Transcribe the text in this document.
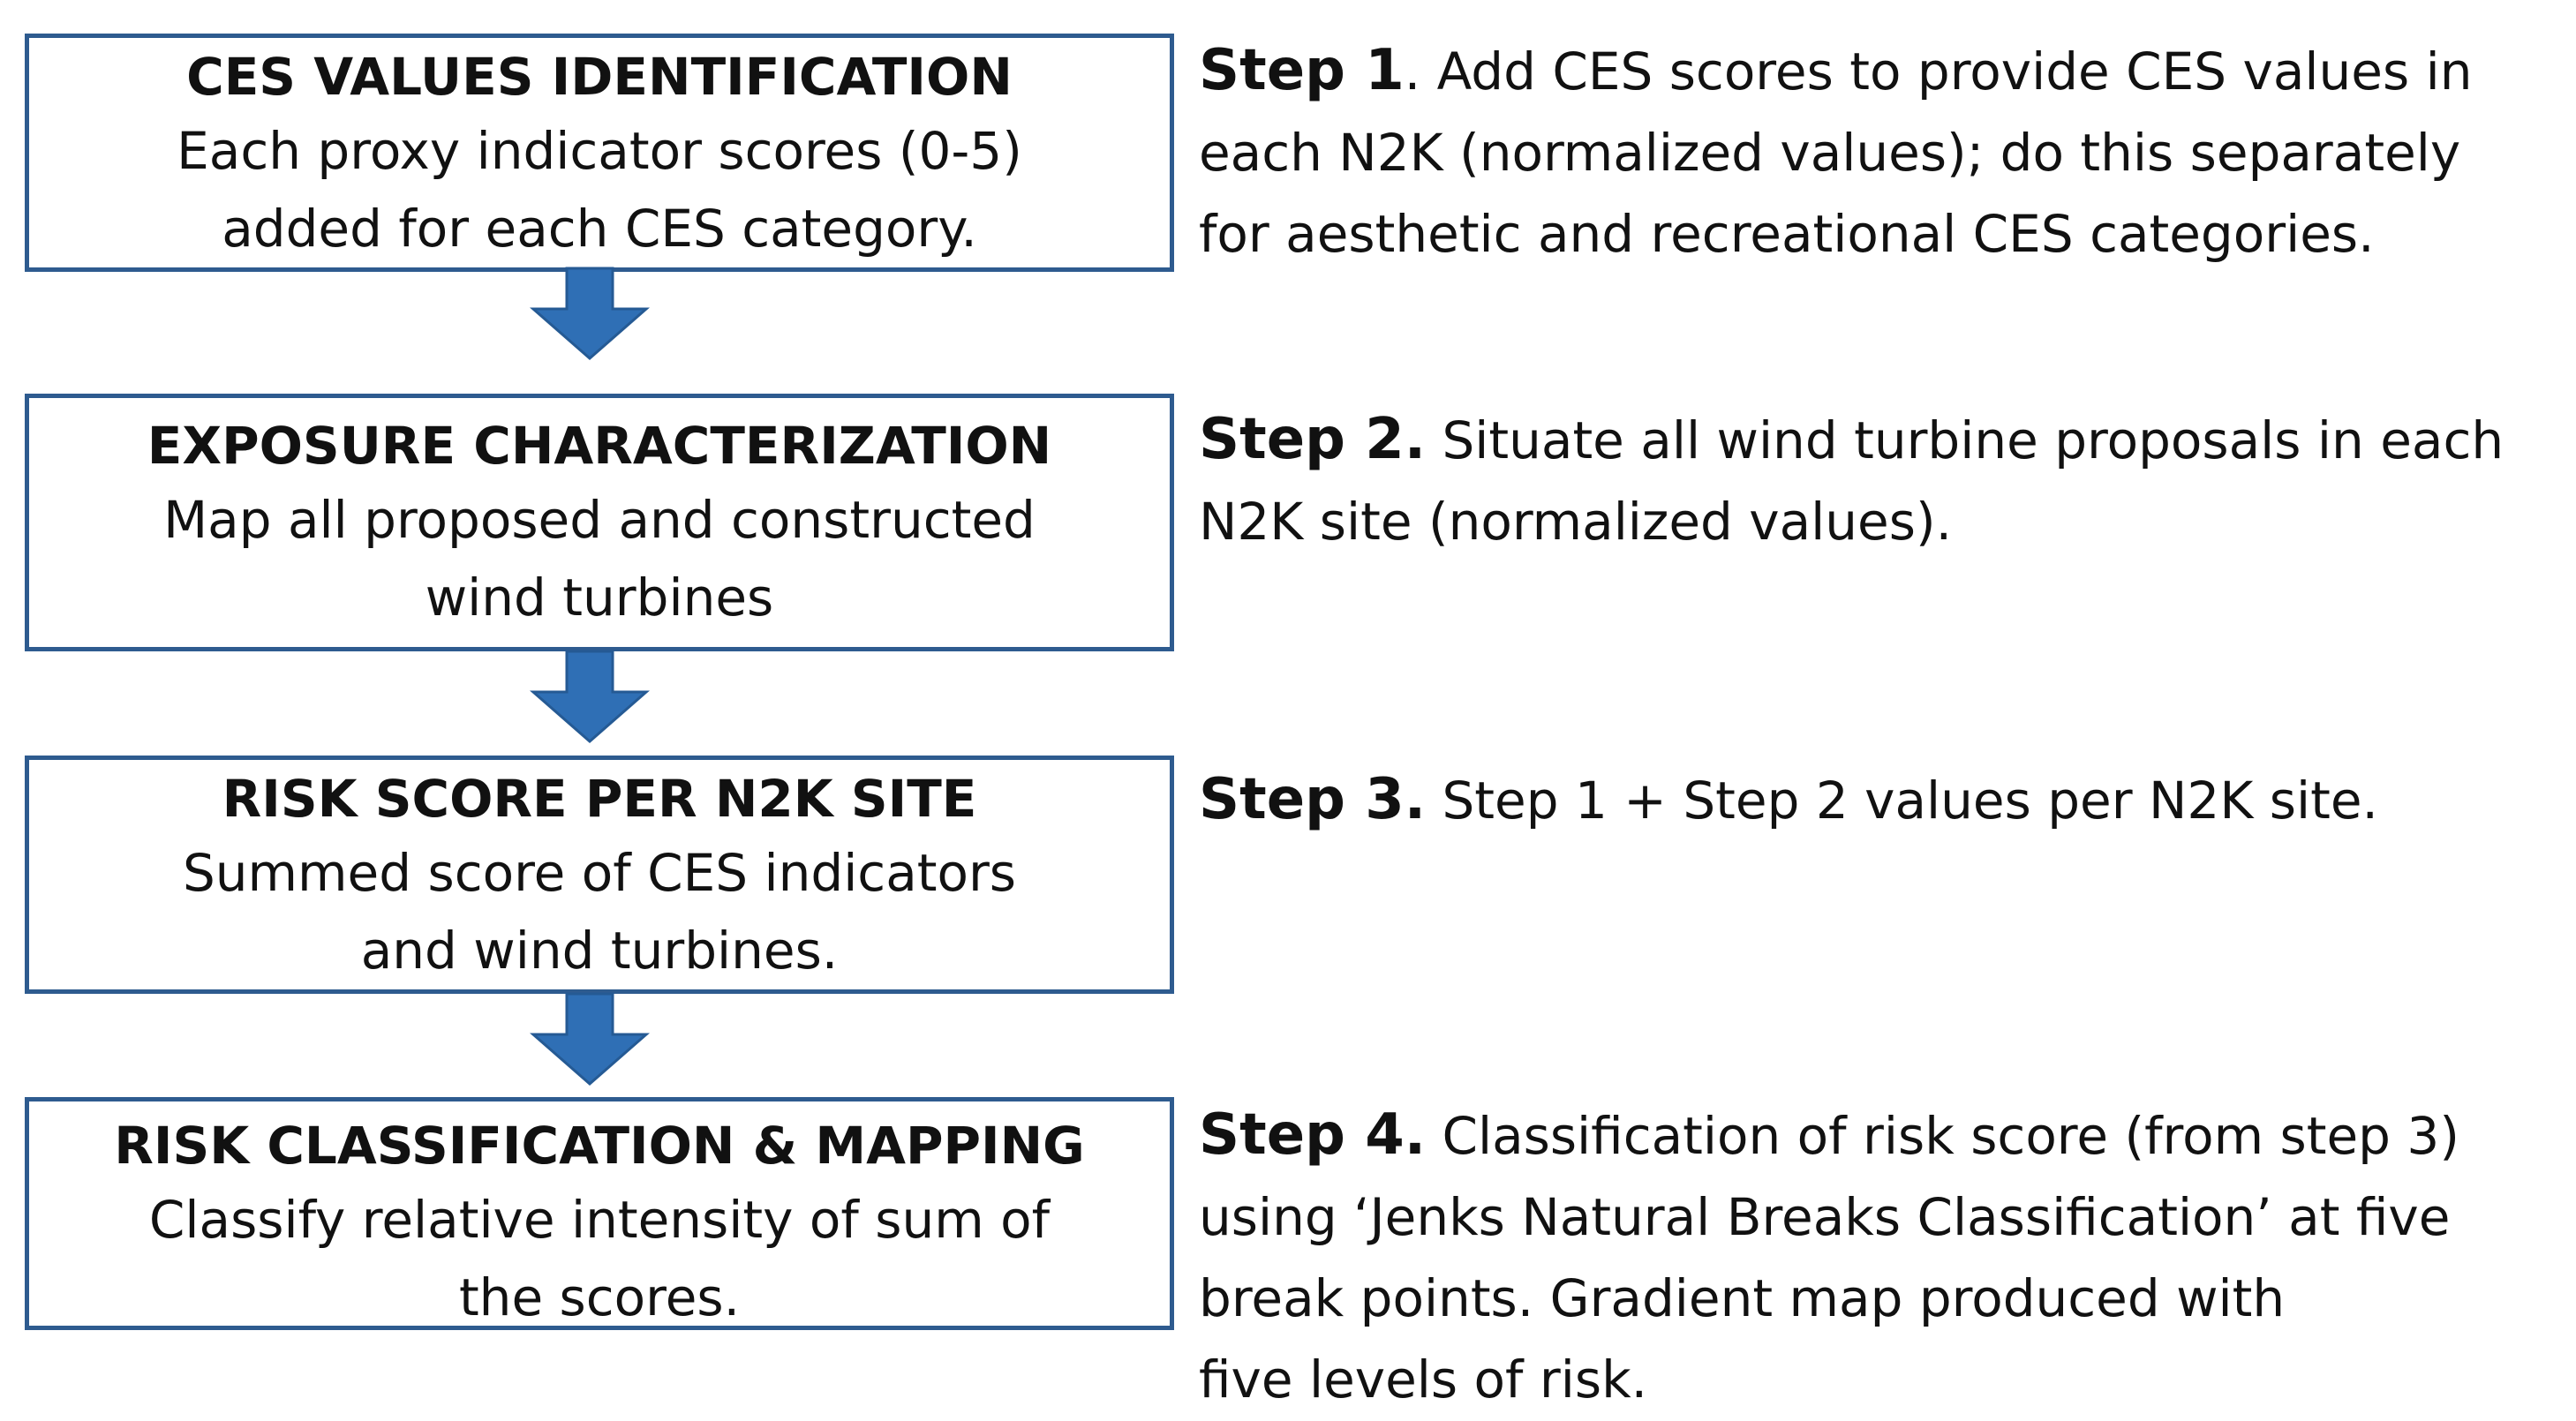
CES VALUES IDENTIFICATION
Each proxy indicator scores (0-5)
added for each CES category.
EXPOSURE CHARACTERIZATION
Map all proposed and constructed
wind turbines
RISK SCORE PER N2K SITE
Summed score of CES indicators
and wind turbines.
RISK CLASSIFICATION & MAPPING
Classify relative intensity of sum of
the scores.
Step 1. Add CES scores to provide CES values in
each N2K (normalized values); do this separately
for aesthetic and recreational CES categories.
Step 2. Situate all wind turbine proposals in each
N2K site (normalized values).
Step 3. Step 1 + Step 2 values per N2K site.
Step 4. Classification of risk score (from step 3)
using ‘Jenks Natural Breaks Classification’ at five
break points. Gradient map produced with
five levels of risk.
